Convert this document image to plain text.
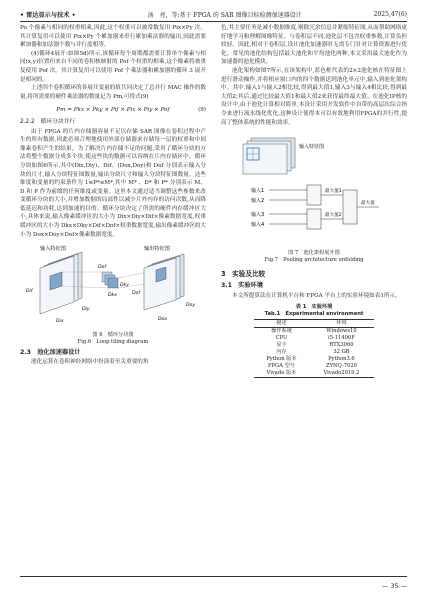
• 雷达显示与技术 •	汤　亮，等:基于 FPGA 的 SAR 图像目标检测加速器设计	2025,47(6)

Po 个像素与相同的权重相乘,因此,这个权重可以被常数复用 Pix×Py 次。其计算复用可以使用 Pix×Py 个累加器来串行累加乘法器的输出,因此需要累加器和加法器个数与并行度相等。

(4)循环4展开:如图5d)所示,该循环每个周期都需要计算单个像素与相同(x,y)位置但来自不同的卷积核映射的 Pof 个权重的相乘,这个像素将被重复使用 Pof 次。其计算复用可以使用 Pof 个乘法器和累加器的循环 3 展开是相同的。

上述四个卷积循环的各展开变量的值共同决定了总并行 MAC 操作的数量,将所需要的硬件乘法器的数量记为 Pm,可得式(9)

Pm = Pkx × Pky × Pif × Pix × Piy × Pof	(9)
2.2.2　循环分块并行

由于 FPGA 的片内存储器容量不足以存储 SAR 图像在卷积过程中产生的所有数据,因此必须合理地使用外部存储器来存储每一层的权重和中间像素卷积产生的结果。为了解决片内存储不足的问题,采用了循环分块的方法将整个数据分成多个块,使这些块的数据可以容纳在片内存储区中。循环分块如图6所示,其中(Dix,Diy)、Dif、(Dox,Doy)和 Dof 分别表示输入分块的尺寸,输入分块特征图数量,输出分块尺寸和输入分块特征图数量。这些维度和变量的约束条件为 1≤P*≤M*,其中 M* 、D* 和 P* 分别表示 M、D 和 P 作为前缀的任何维度或变量。这里本文通过适当调整这些参数来改变循环分块的大小,并增加数据的局部性以减少片外内存的访问次数,从而降低延迟和功耗,达到加速的目的。循环分块决定了所需的硬件内存缓冲区大小,具体来说,输入像素缓冲区的大小为 Dix×Diy×Dif×像素数据宽度,权重缓冲区的大小为 Dkx×Dky×Dif×Dof×权重数据宽度,输出像素缓冲区的大小为 Dox×Doy×Dof×像素数据宽度。

输入特征图
Dif
Dix
Diy
Dof
Dky
Dkx
输出特征图
Dox
Doy
Dof
图 6　循环分块图
Fig.6　Loop tiling diagram
2.3　池化加速器设计

池化运算在卷积神经网络中扮演着至关重要的角

色,其主要任务是减小数据维度,剔除冗余信息并紧缩特征图,从而帮助网络更好地学习和理解图像特征。与卷积层不同,池化层不包含权重参数,计算负担较轻。因此,相对于卷积层,设计池化加速器时无需专门针对计算资源进行优化。常见的池化结构包括最大池化和平均池化两种,本文采用最大池化作为加速器的池化模块。

池化架构如图7所示,在该架构中,蓝色框代表的2×2池化核在特征图上进行滑动操作,并将相应窗口内的四个数据送到池化单元中,输入到池化架构中。其中,输入1与输入2相比较,得到最大值1,输入3与输入4相比较,得到最大值2;其后,通过比较最大值1和最大值2来获得最终最大值。在池化IP核的设计中,由于池化计算相对简单,本设计采用开发软件中自带的高层次综合指令来进行流水线化优化,这种设计使得本可以有效地利用FPGA的并行性,提高了整体系统的性能和效率。

输入特征图
输入1
输入2
输入3
输入4
最大值1
最大值2
最大值
图 7　池化架构展开图
Fig.7　Pooling architecture unfolding
3　实验及比较
3.1　实验环境

本文所提算法在计算机平台和 FPGA 平台上的实验环境如表1所示。

表 1　实验环境
Tab.1　Experimental environment
描述	环境
操作系统	Windows10
CPU	i5-11400F
显卡	RTX3060
内存	32 GB
Python 版本	Python3.6
FPGA 型号	ZYNQ-7020
Vivado 版本	Vivado2019.2
— 35 —
